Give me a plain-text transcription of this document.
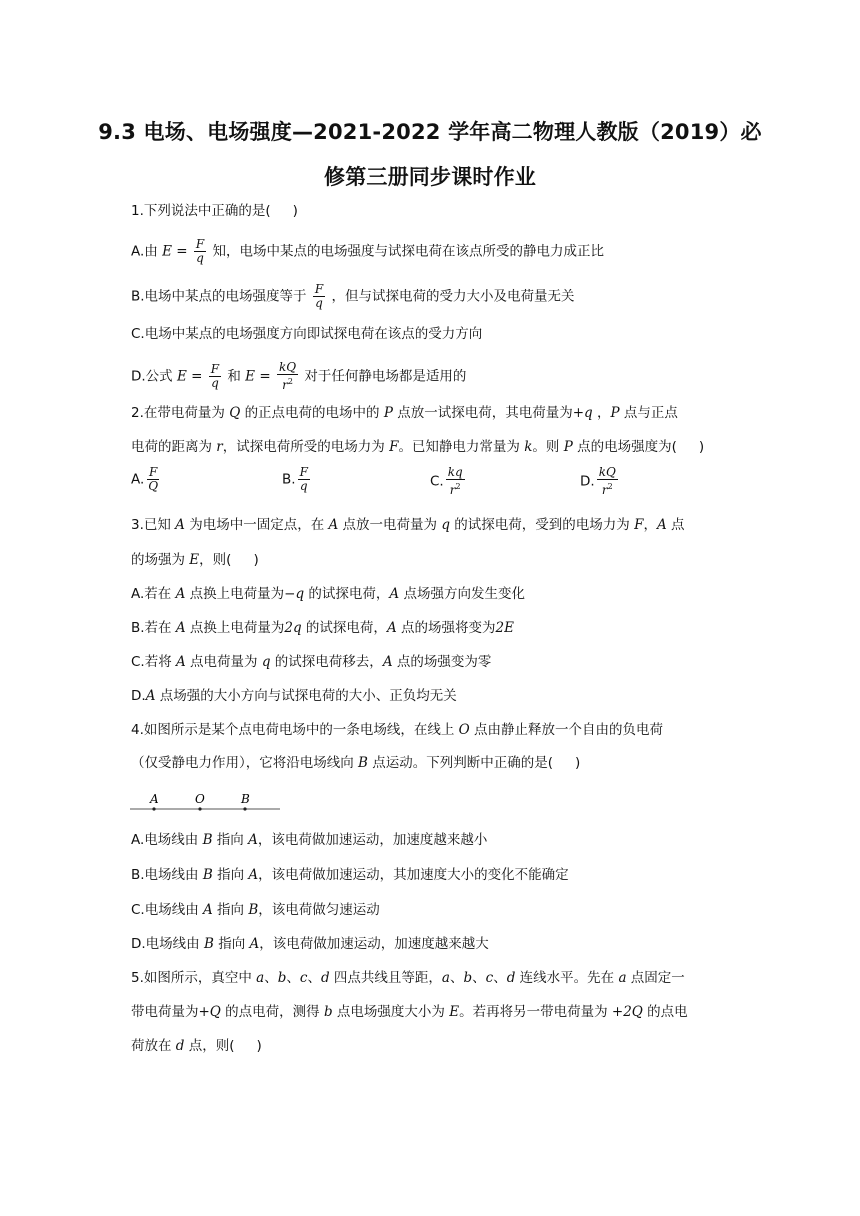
9.3 电场、电场强度—2021-2022 学年高二物理人教版（2019）必
修第三册同步课时作业
1.下列说法中正确的是( )
A.由 $E = \frac{F}{q}$ 知，电场中某点的电场强度与试探电荷在该点所受的静电力成正比
B.电场中某点的电场强度等于 $\frac{F}{q}$ ，但与试探电荷的受力大小及电荷量无关
C.电场中某点的电场强度方向即试探电荷在该点的受力方向
D.公式 $E = \frac{F}{q}$ 和 $E = \frac{kQ}{r^2}$ 对于任何静电场都是适用的
2.在带电荷量为 Q 的正点电荷的电场中的 P 点放一试探电荷，其电荷量为+q ，P 点与正点
电荷的距离为 r，试探电荷所受的电场力为 F。已知静电力常量为 k。则 P 点的电场强度为( )
A. $\frac{F}{Q}$	B. $\frac{F}{q}$	C. $\frac{kq}{r^2}$	D. $\frac{kQ}{r^2}$
3.已知 A 为电场中一固定点，在 A 点放一电荷量为 q 的试探电荷，受到的电场力为 F，A 点
的场强为 E，则( )
A.若在 A 点换上电荷量为−q 的试探电荷，A 点场强方向发生变化
B.若在 A 点换上电荷量为2q 的试探电荷，A 点的场强将变为2E
C.若将 A 点电荷量为 q 的试探电荷移去，A 点的场强变为零
D.A 点场强的大小方向与试探电荷的大小、正负均无关
4.如图所示是某个点电荷电场中的一条电场线，在线上 O 点由静止释放一个自由的负电荷
（仅受静电力作用），它将沿电场线向 B 点运动。下列判断中正确的是( )
A	O	B
A.电场线由 B 指向 A，该电荷做加速运动，加速度越来越小
B.电场线由 B 指向 A，该电荷做加速运动，其加速度大小的变化不能确定
C.电场线由 A 指向 B，该电荷做匀速运动
D.电场线由 B 指向 A，该电荷做加速运动，加速度越来越大
5.如图所示，真空中 a、b、c、d 四点共线且等距，a、b、c、d 连线水平。先在 a 点固定一
带电荷量为+Q 的点电荷，测得 b 点电场强度大小为 E。若再将另一带电荷量为 +2Q 的点电
荷放在 d 点，则( )
